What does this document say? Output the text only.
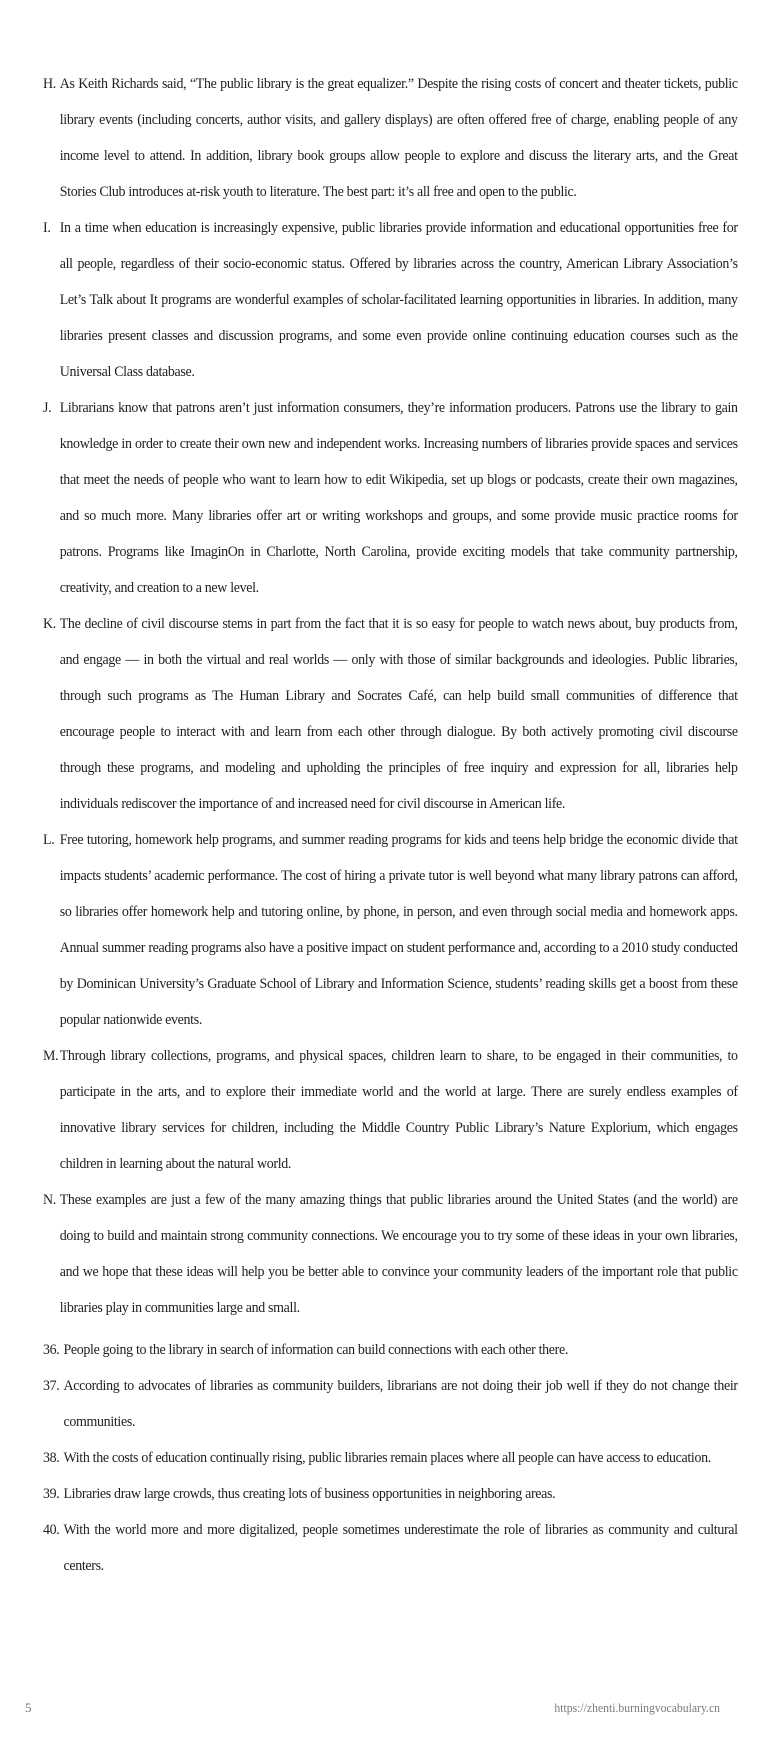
H. As Keith Richards said, “The public library is the great equalizer.” Despite the rising costs of concert and theater tickets, public library events (including concerts, author visits, and gallery displays) are often offered free of charge, enabling people of any income level to attend. In addition, library book groups allow people to explore and discuss the literary arts, and the Great Stories Club introduces at-risk youth to literature. The best part: it’s all free and open to the public.
I. In a time when education is increasingly expensive, public libraries provide information and educational opportunities free for all people, regardless of their socio-economic status. Offered by libraries across the country, American Library Association’s Let’s Talk about It programs are wonderful examples of scholar-facilitated learning opportunities in libraries. In addition, many libraries present classes and discussion programs, and some even provide online continuing education courses such as the Universal Class database.
J. Librarians know that patrons aren’t just information consumers, they’re information producers. Patrons use the library to gain knowledge in order to create their own new and independent works. Increasing numbers of libraries provide spaces and services that meet the needs of people who want to learn how to edit Wikipedia, set up blogs or podcasts, create their own magazines, and so much more. Many libraries offer art or writing workshops and groups, and some provide music practice rooms for patrons. Programs like ImaginOn in Charlotte, North Carolina, provide exciting models that take community partnership, creativity, and creation to a new level.
K. The decline of civil discourse stems in part from the fact that it is so easy for people to watch news about, buy products from, and engage — in both the virtual and real worlds — only with those of similar backgrounds and ideologies. Public libraries, through such programs as The Human Library and Socrates Café, can help build small communities of difference that encourage people to interact with and learn from each other through dialogue. By both actively promoting civil discourse through these programs, and modeling and upholding the principles of free inquiry and expression for all, libraries help individuals rediscover the importance of and increased need for civil discourse in American life.
L. Free tutoring, homework help programs, and summer reading programs for kids and teens help bridge the economic divide that impacts students’ academic performance. The cost of hiring a private tutor is well beyond what many library patrons can afford, so libraries offer homework help and tutoring online, by phone, in person, and even through social media and homework apps. Annual summer reading programs also have a positive impact on student performance and, according to a 2010 study conducted by Dominican University’s Graduate School of Library and Information Science, students’ reading skills get a boost from these popular nationwide events.
M. Through library collections, programs, and physical spaces, children learn to share, to be engaged in their communities, to participate in the arts, and to explore their immediate world and the world at large. There are surely endless examples of innovative library services for children, including the Middle Country Public Library’s Nature Explorium, which engages children in learning about the natural world.
N. These examples are just a few of the many amazing things that public libraries around the United States (and the world) are doing to build and maintain strong community connections. We encourage you to try some of these ideas in your own libraries, and we hope that these ideas will help you be better able to convince your community leaders of the important role that public libraries play in communities large and small.
36. People going to the library in search of information can build connections with each other there.
37. According to advocates of libraries as community builders, librarians are not doing their job well if they do not change their communities.
38. With the costs of education continually rising, public libraries remain places where all people can have access to education.
39. Libraries draw large crowds, thus creating lots of business opportunities in neighboring areas.
40. With the world more and more digitalized, people sometimes underestimate the role of libraries as community and cultural centers.
5	https://zhenti.burningvocabulary.cn
